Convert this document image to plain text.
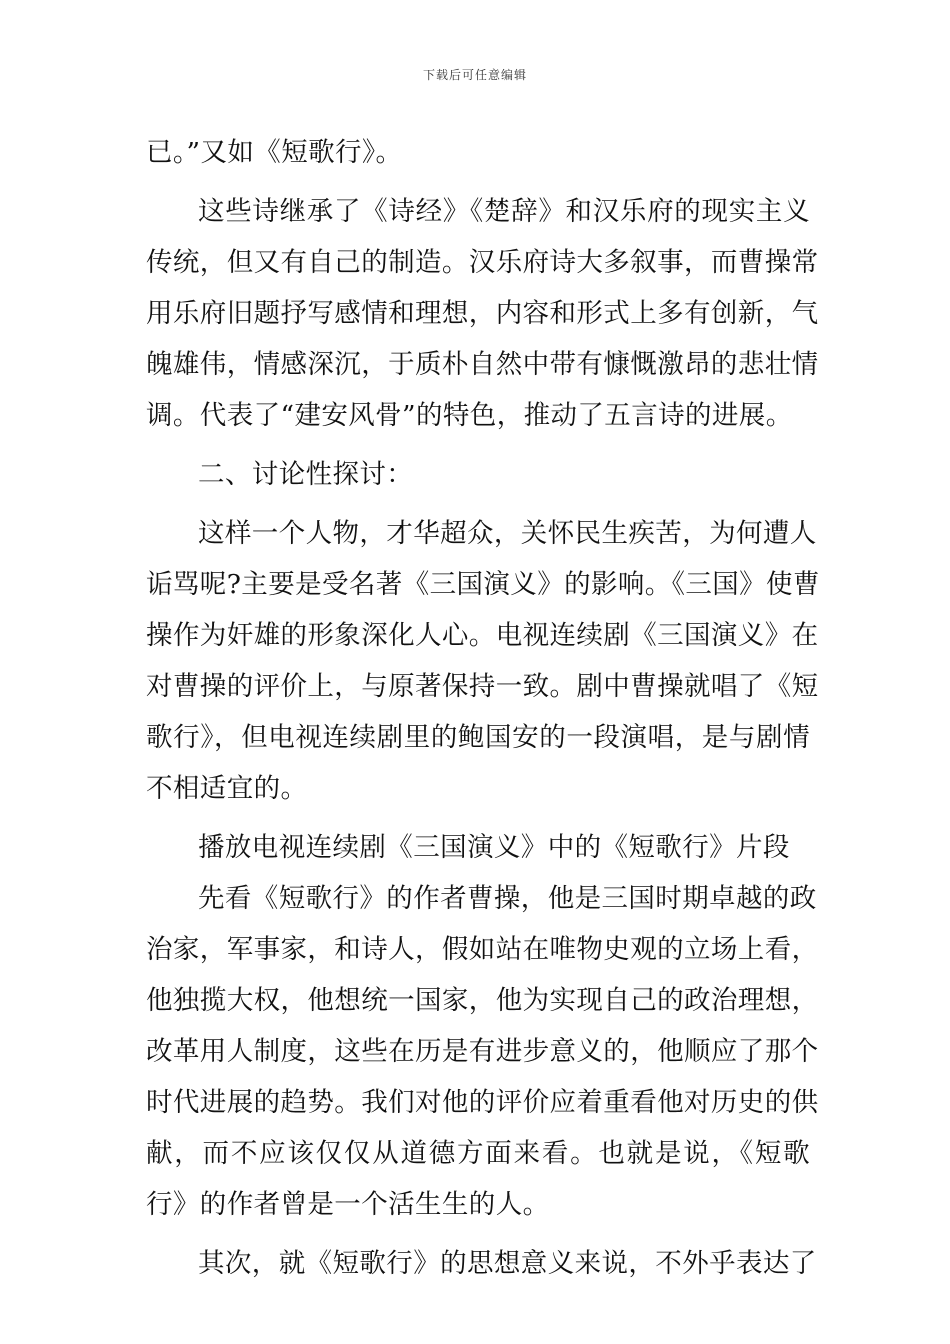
下载后可任意编辑
已。”又如《短歌行》。
这些诗继承了《诗经》《楚辞》和汉乐府的现实主义
传统，但又有自己的制造。汉乐府诗大多叙事，而曹操常
用乐府旧题抒写感情和理想，内容和形式上多有创新，气
魄雄伟，情感深沉，于质朴自然中带有慷慨激昂的悲壮情
调。代表了“建安风骨”的特色，推动了五言诗的进展。
二、讨论性探讨：
这样一个人物，才华超众，关怀民生疾苦，为何遭人
诟骂呢?主要是受名著《三国演义》的影响。《三国》使曹
操作为奸雄的形象深化人心。电视连续剧《三国演义》在
对曹操的评价上，与原著保持一致。剧中曹操就唱了《短
歌行》，但电视连续剧里的鲍国安的一段演唱，是与剧情
不相适宜的。
播放电视连续剧《三国演义》中的《短歌行》片段
先看《短歌行》的作者曹操，他是三国时期卓越的政
治家，军事家，和诗人，假如站在唯物史观的立场上看，
他独揽大权，他想统一国家，他为实现自己的政治理想，
改革用人制度，这些在历是有进步意义的，他顺应了那个
时代进展的趋势。我们对他的评价应着重看他对历史的供
献，而不应该仅仅从道德方面来看。也就是说，《短歌
行》的作者曾是一个活生生的人。
其次，就《短歌行》的思想意义来说，不外乎表达了
